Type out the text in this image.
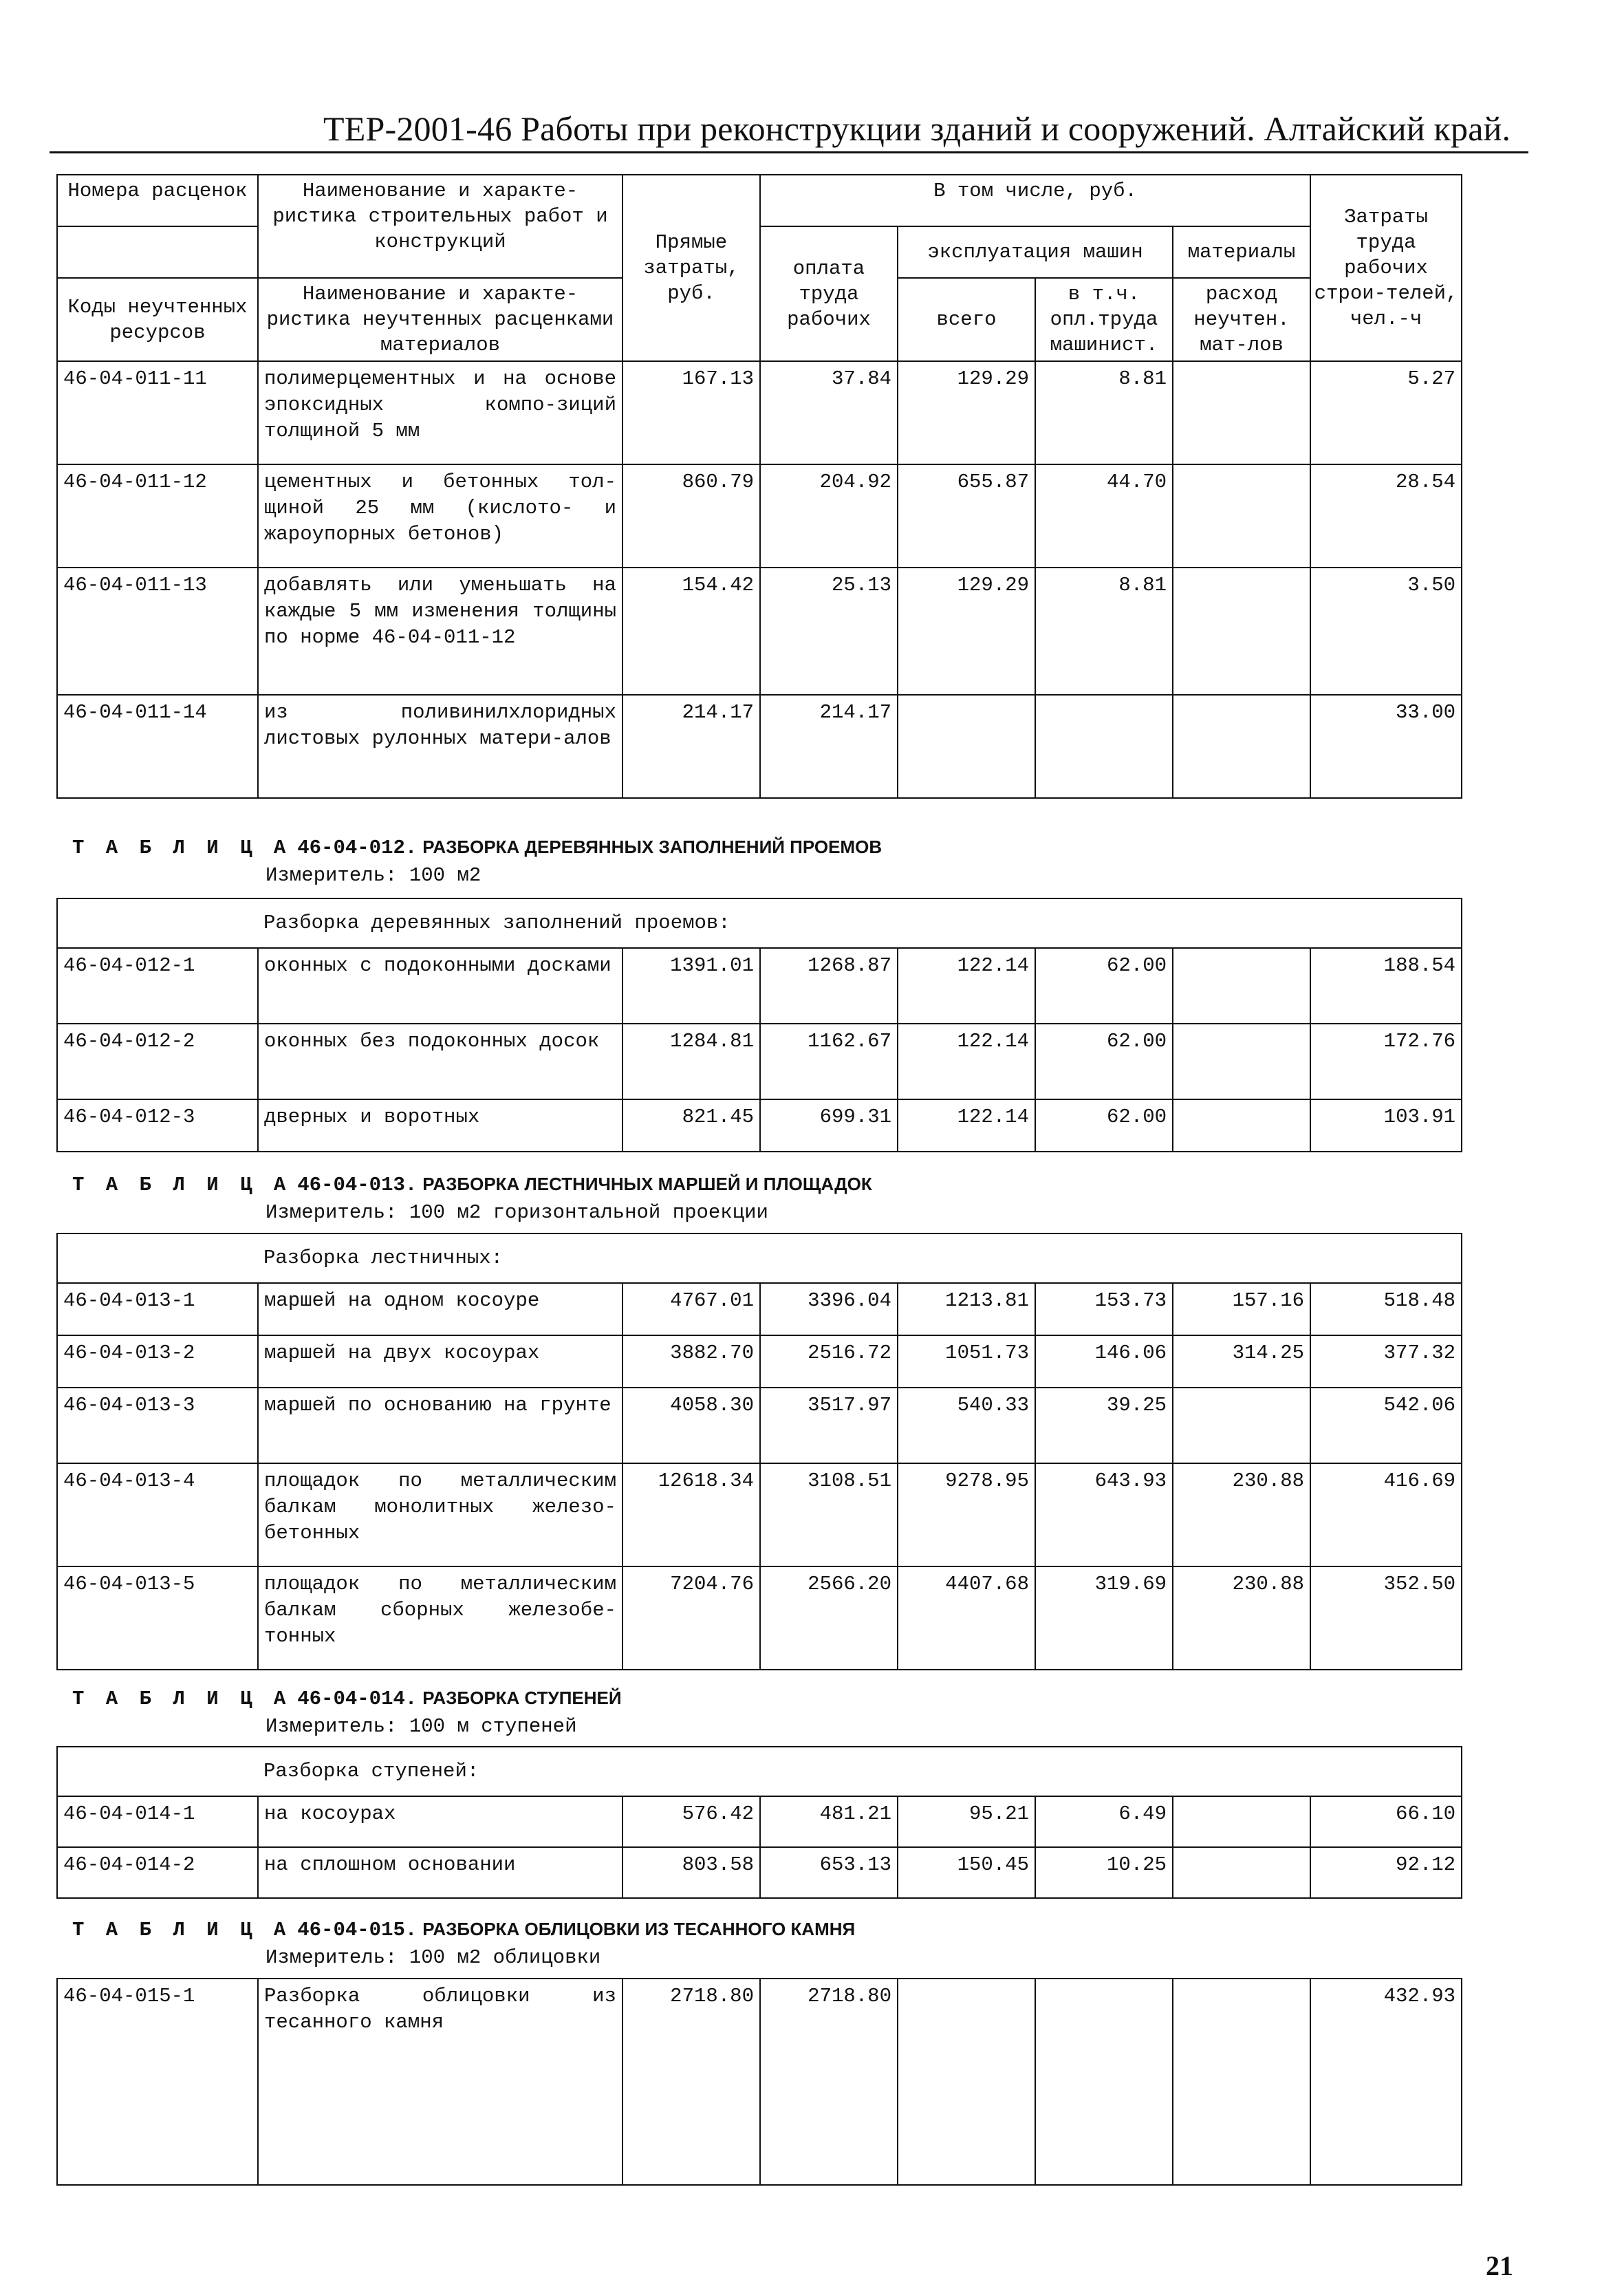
ТЕР-2001-46 Работы при реконструкции зданий и сооружений. Алтайский край.
Номера расценок	Наименование и характе-ристика строительных работ и конструкций	Прямые затраты, руб.	В том числе, руб.				Затраты труда рабочих строи-телей, чел.-ч
			оплата труда рабочих	эксплуатация машин		материалы	
Коды неучтенных ресурсов	Наименование и характе-ристика неучтенных расценками материалов			всего	в т.ч. опл.труда машинист.	расход неучтен. мат-лов	

46-04-011-11	полимерцементных и на основе эпоксидных компо-зиций толщиной 5 мм	167.13	37.84	129.29	8.81		5.27
46-04-011-12	цементных и бетонных тол-щиной 25 мм (кислото- и жароупорных бетонов)	860.79	204.92	655.87	44.70		28.54
46-04-011-13	добавлять или уменьшать на каждые 5 мм изменения толщины по норме 46-04-011-12	154.42	25.13	129.29	8.81		3.50
46-04-011-14	из поливинилхлоридных листовых рулонных матери-алов	214.17	214.17				33.00
Т А Б Л И Ц А 46-04-012. РАЗБОРКА ДЕРЕВЯННЫХ ЗАПОЛНЕНИЙ ПРОЕМОВ
Измеритель: 100 м2
	Разборка деревянных заполнений проемов:						
46-04-012-1	оконных с подоконными досками	1391.01	1268.87	122.14	62.00		188.54
46-04-012-2	оконных без подоконных досок	1284.81	1162.67	122.14	62.00		172.76
46-04-012-3	дверных и воротных	821.45	699.31	122.14	62.00		103.91
Т А Б Л И Ц А 46-04-013. РАЗБОРКА ЛЕСТНИЧНЫХ МАРШЕЙ И ПЛОЩАДОК
Измеритель: 100 м2 горизонтальной проекции
	Разборка лестничных:						
46-04-013-1	маршей на одном косоуре	4767.01	3396.04	1213.81	153.73	157.16	518.48
46-04-013-2	маршей на двух косоурах	3882.70	2516.72	1051.73	146.06	314.25	377.32
46-04-013-3	маршей по основанию на грунте	4058.30	3517.97	540.33	39.25		542.06
46-04-013-4	площадок по металлическим балкам монолитных железо-бетонных	12618.34	3108.51	9278.95	643.93	230.88	416.69
46-04-013-5	площадок по металлическим балкам сборных железобе-тонных	7204.76	2566.20	4407.68	319.69	230.88	352.50
Т А Б Л И Ц А 46-04-014. РАЗБОРКА СТУПЕНЕЙ
Измеритель: 100 м ступеней
	Разборка ступеней:						
46-04-014-1	на косоурах	576.42	481.21	95.21	6.49		66.10
46-04-014-2	на сплошном основании	803.58	653.13	150.45	10.25		92.12
Т А Б Л И Ц А 46-04-015. РАЗБОРКА ОБЛИЦОВКИ ИЗ ТЕСАННОГО КАМНЯ
Измеритель: 100 м2 облицовки
46-04-015-1	Разборка облицовки из тесанного камня	2718.80	2718.80				432.93
21
